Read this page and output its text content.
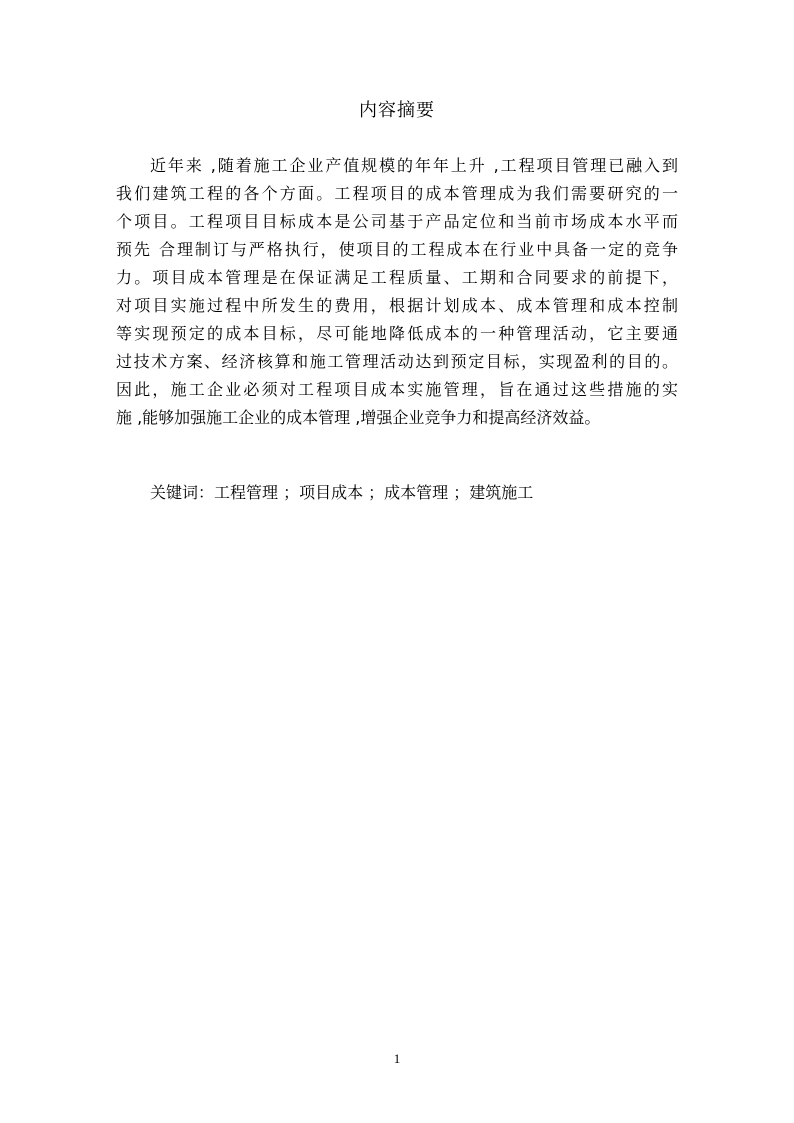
内容摘要
近年来 ,随着施工企业产值规模的年年上升 ,工程项目管理已融入到
我们建筑工程的各个方面。工程项目的成本管理成为我们需要研究的一
个项目。工程项目目标成本是公司基于产品定位和当前市场成本水平而
预先 合理制订与严格执行，使项目的工程成本在行业中具备一定的竞争
力。项目成本管理是在保证满足工程质量、工期和合同要求的前提下，
对项目实施过程中所发生的费用，根据计划成本、成本管理和成本控制
等实现预定的成本目标，尽可能地降低成本的一种管理活动，它主要通
过技术方案、经济核算和施工管理活动达到预定目标，实现盈利的目的。
因此，施工企业必须对工程项目成本实施管理，旨在通过这些措施的实
施 ,能够加强施工企业的成本管理 ,增强企业竞争力和提高经济效益。
关键词：工程管理 ；项目成本 ；成本管理 ；建筑施工
1
